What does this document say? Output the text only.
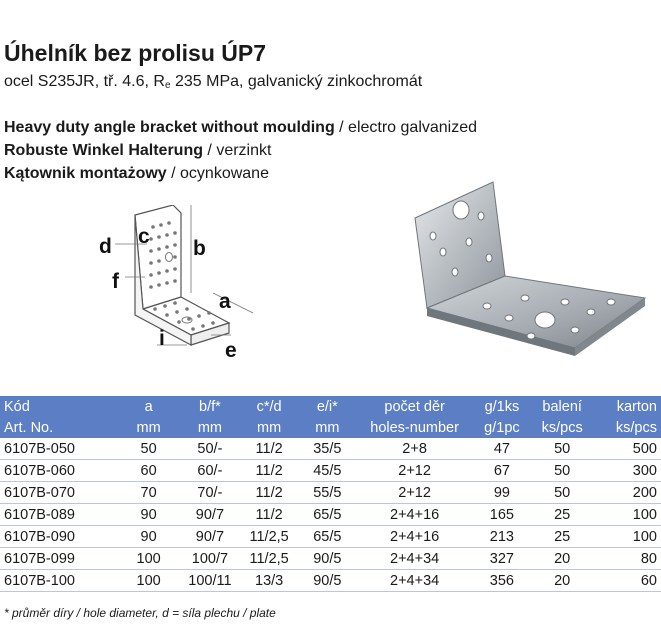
Úhelník bez prolisu ÚP7
ocel S235JR, tř. 4.6, $R_e$ 235 MPa, galvanický zinkochromát
Heavy duty angle bracket without moulding / electro galvanized
Robuste Winkel Halterung / verzinkt
Kątownik montażowy / ocynkowane
d c
b
f
a
i
e
Kód	a	b/f*	c*/d	e/i*	počet děr	g/1ks	balení	karton
Art. No.	mm	mm	mm	mm	holes-number	g/1pc	ks/pcs	ks/pcs
6107B-050	50	50/-	11/2	35/5	2+8	47	50	500
6107B-060	60	60/-	11/2	45/5	2+12	67	50	300
6107B-070	70	70/-	11/2	55/5	2+12	99	50	200
6107B-089	90	90/7	11/2	65/5	2+4+16	165	25	100
6107B-090	90	90/7	11/2,5	65/5	2+4+16	213	25	100
6107B-099	100	100/7	11/2,5	90/5	2+4+34	327	20	80
6107B-100	100	100/11	13/3	90/5	2+4+34	356	20	60
* průměr díry / hole diameter, d = síla plechu / plate
